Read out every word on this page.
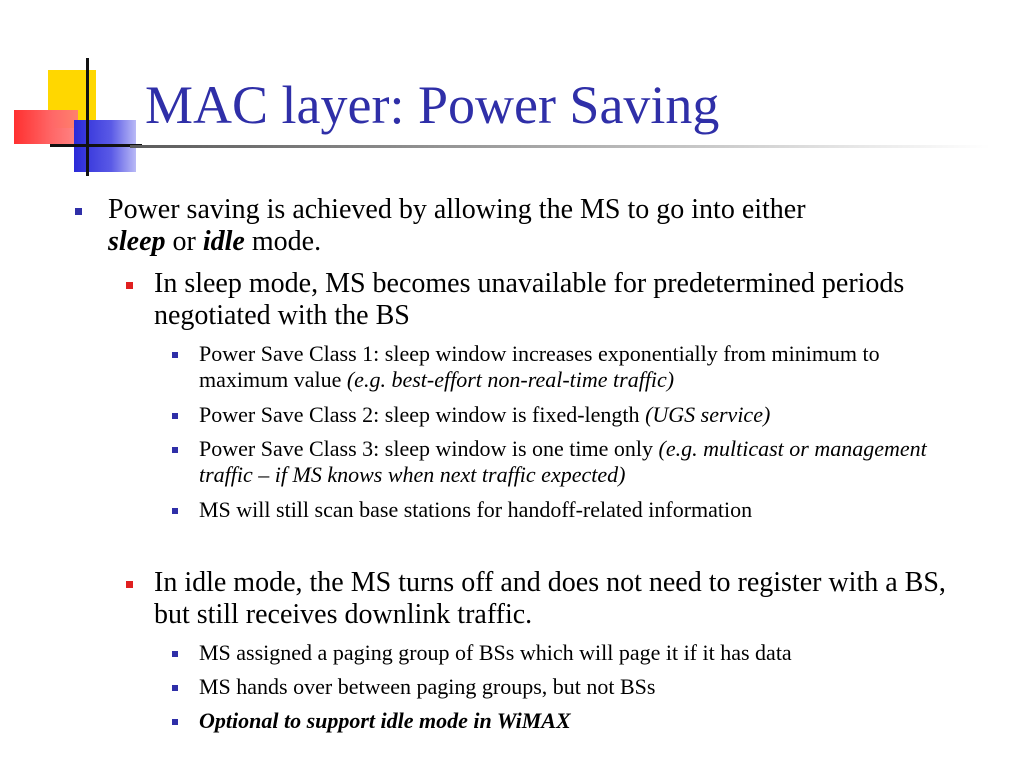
MAC layer: Power Saving
Power saving is achieved by allowing the MS to go into either
sleep or idle mode.
In sleep mode, MS becomes unavailable for predetermined periods negotiated with the BS
Power Save Class 1: sleep window increases exponentially from minimum to maximum value (e.g. best-effort non-real-time traffic)
Power Save Class 2: sleep window is fixed-length (UGS service)
Power Save Class 3: sleep window is one time only (e.g. multicast or management traffic – if MS knows when next traffic expected)
MS will still scan base stations for handoff-related information
In idle mode, the MS turns off and does not need to register with a BS, but still receives downlink traffic.
MS assigned a paging group of BSs which will page it if it has data
MS hands over between paging groups, but not BSs
Optional to support idle mode in WiMAX
